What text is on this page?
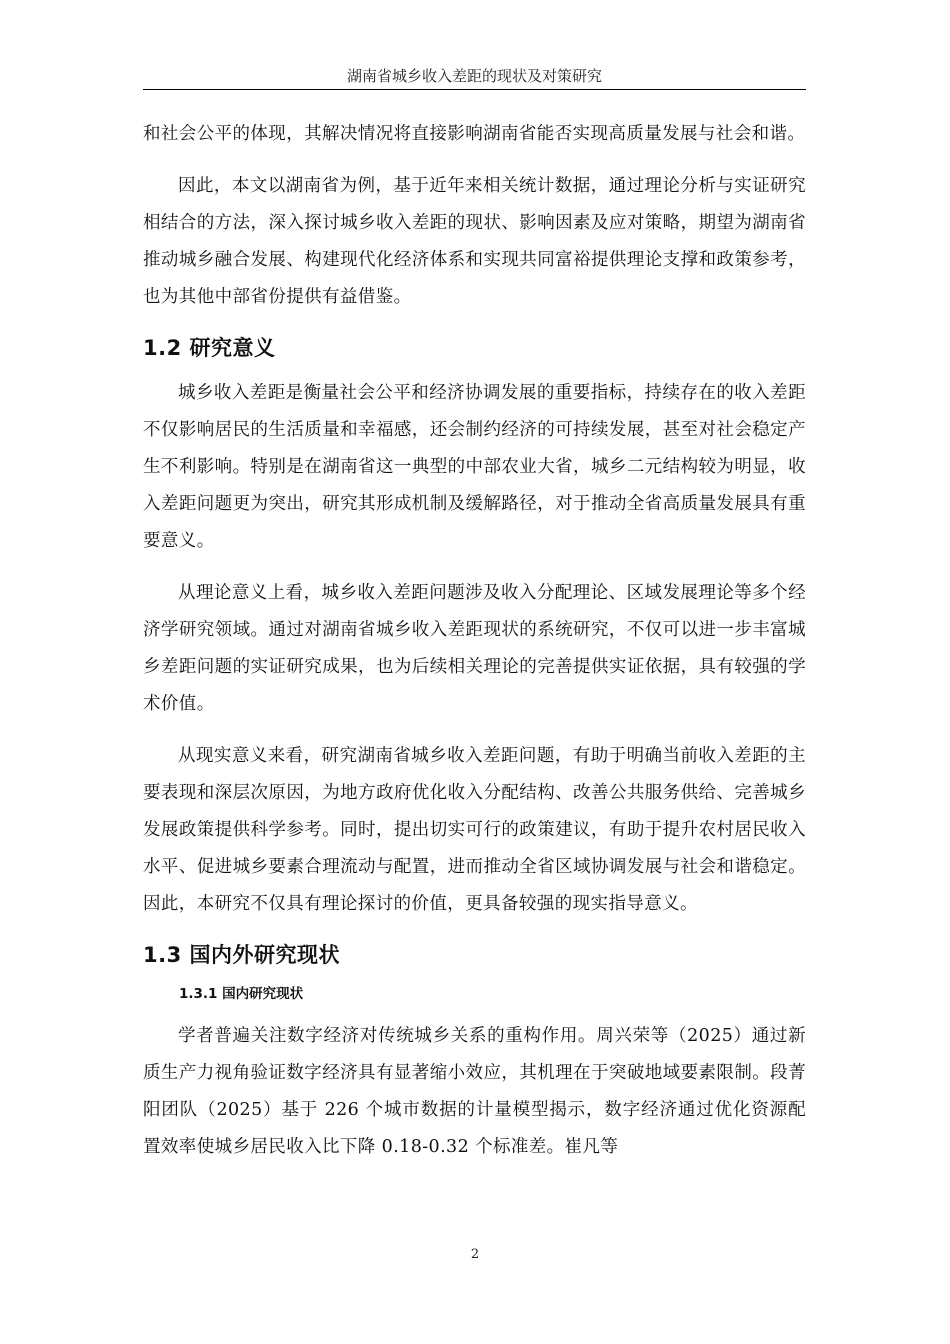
湖南省城乡收入差距的现状及对策研究

和社会公平的体现，其解决情况将直接影响湖南省能否实现高质量发展与社会和谐。

因此，本文以湖南省为例，基于近年来相关统计数据，通过理论分析与实证研究相结合的方法，深入探讨城乡收入差距的现状、影响因素及应对策略，期望为湖南省推动城乡融合发展、构建现代化经济体系和实现共同富裕提供理论支撑和政策参考，也为其他中部省份提供有益借鉴。

1.2 研究意义

城乡收入差距是衡量社会公平和经济协调发展的重要指标，持续存在的收入差距不仅影响居民的生活质量和幸福感，还会制约经济的可持续发展，甚至对社会稳定产生不利影响。特别是在湖南省这一典型的中部农业大省，城乡二元结构较为明显，收入差距问题更为突出，研究其形成机制及缓解路径，对于推动全省高质量发展具有重要意义。

从理论意义上看，城乡收入差距问题涉及收入分配理论、区域发展理论等多个经济学研究领域。通过对湖南省城乡收入差距现状的系统研究，不仅可以进一步丰富城乡差距问题的实证研究成果，也为后续相关理论的完善提供实证依据，具有较强的学术价值。

从现实意义来看，研究湖南省城乡收入差距问题，有助于明确当前收入差距的主要表现和深层次原因，为地方政府优化收入分配结构、改善公共服务供给、完善城乡发展政策提供科学参考。同时，提出切实可行的政策建议，有助于提升农村居民收入水平、促进城乡要素合理流动与配置，进而推动全省区域协调发展与社会和谐稳定。因此，本研究不仅具有理论探讨的价值，更具备较强的现实指导意义。

1.3 国内外研究现状
1.3.1 国内研究现状

学者普遍关注数字经济对传统城乡关系的重构作用。周兴荣等（2025）通过新质生产力视角验证数字经济具有显著缩小效应，其机理在于突破地域要素限制。段菁阳团队（2025）基于 226 个城市数据的计量模型揭示，数字经济通过优化资源配置效率使城乡居民收入比下降 0.18-0.32 个标准差。崔凡等

2
